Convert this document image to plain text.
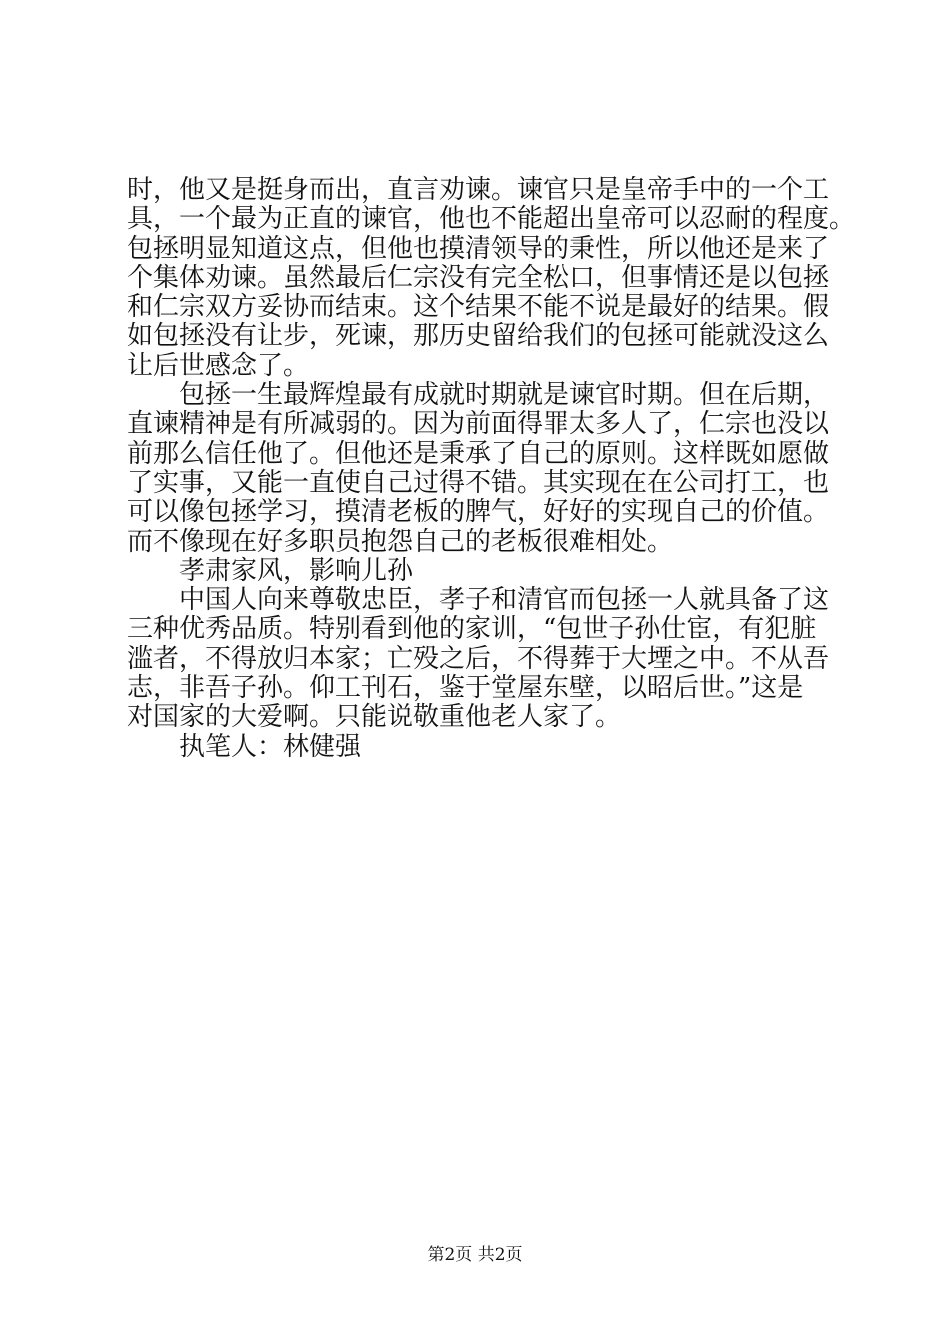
时，他又是挺身而出，直言劝谏。谏官只是皇帝手中的一个工
具，一个最为正直的谏官，他也不能超出皇帝可以忍耐的程度。
包拯明显知道这点，但他也摸清领导的秉性，所以他还是来了
个集体劝谏。虽然最后仁宗没有完全松口，但事情还是以包拯
和仁宗双方妥协而结束。这个结果不能不说是最好的结果。假
如包拯没有让步，死谏，那历史留给我们的包拯可能就没这么
让后世感念了。
包拯一生最辉煌最有成就时期就是谏官时期。但在后期，
直谏精神是有所减弱的。因为前面得罪太多人了，仁宗也没以
前那么信任他了。但他还是秉承了自己的原则。这样既如愿做
了实事，又能一直使自己过得不错。其实现在在公司打工，也
可以像包拯学习，摸清老板的脾气，好好的实现自己的价值。
而不像现在好多职员抱怨自己的老板很难相处。
孝肃家风，影响儿孙
中国人向来尊敬忠臣，孝子和清官而包拯一人就具备了这
三种优秀品质。特别看到他的家训，“包世子孙仕宦，有犯脏
滥者，不得放归本家；亡殁之后，不得葬于大堙之中。不从吾
志，非吾子孙。仰工刊石，鉴于堂屋东壁，以昭后世。”这是
对国家的大爱啊。只能说敬重他老人家了。
执笔人：林健强
第2页 共2页
